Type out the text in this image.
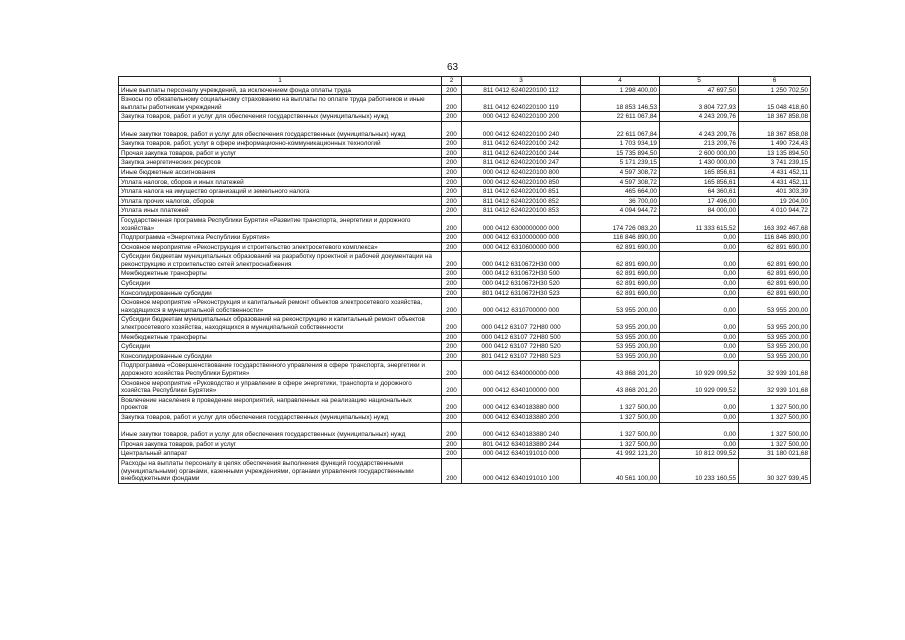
63
1	2	3	4	5	6
Иные выплаты персоналу учреждений, за исключением фонда оплаты труда	200	811 0412 6240220100 112	1 298 400,00	47 697,50	1 250 702,50
Взносы по обязательному социальному страхованию на выплаты по оплате труда работников и иные выплаты работникам учреждений	200	811 0412 6240220100 119	18 853 146,53	3 804 727,93	15 048 418,60
Закупка товаров, работ и услуг для обеспечения государственных (муниципальных) нужд	200	000 0412 6240220100 200	22 611 067,84	4 243 209,76	18 367 858,08
Иные закупки товаров, работ и услуг для обеспечения государственных (муниципальных) нужд	200	000 0412 6240220100 240	22 611 067,84	4 243 209,76	18 367 858,08
Закупка товаров, работ, услуг в сфере информационно-коммуникационных технологий	200	811 0412 6240220100 242	1 703 934,19	213 209,76	1 490 724,43
Прочая закупка товаров, работ и услуг	200	811 0412 6240220100 244	15 735 894,50	2 600 000,00	13 135 894,50
Закупка энергетических ресурсов	200	811 0412 6240220100 247	5 171 239,15	1 430 000,00	3 741 239,15
Иные бюджетные ассигнования	200	000 0412 6240220100 800	4 597 308,72	165 856,61	4 431 452,11
Уплата налогов, сборов и иных платежей	200	000 0412 6240220100 850	4 597 308,72	165 856,61	4 431 452,11
Уплата налога на имущество организаций и земельного налога	200	811 0412 6240220100 851	465 664,00	64 360,61	401 303,39
Уплата прочих налогов, сборов	200	811 0412 6240220100 852	36 700,00	17 496,00	19 204,00
Уплата иных платежей	200	811 0412 6240220100 853	4 094 944,72	84 000,00	4 010 944,72
Государственная программа Республики Бурятия «Развитие транспорта, энергетики и дорожного хозяйства»	200	000 0412 6300000000 000	174 726 083,20	11 333 615,52	163 392 467,68
Подпрограмма «Энергетика Республики Бурятия»	200	000 0412 6310000000 000	116 846 890,00	0,00	116 846 890,00
Основное мероприятие «Реконструкция и строительство электросетевого комплекса»	200	000 0412 6310600000 000	62 891 690,00	0,00	62 891 690,00
Субсидии бюджетам муниципальных образований на разработку проектной и рабочей документации на реконструкцию и строительство сетей электроснабжения	200	000 0412 6310672H30 000	62 891 690,00	0,00	62 891 690,00
Межбюджетные трансферты	200	000 0412 6310672H30 500	62 891 690,00	0,00	62 891 690,00
Субсидии	200	000 0412 6310672H30 520	62 891 690,00	0,00	62 891 690,00
Консолидированные субсидии	200	801 0412 6310672H30 523	62 891 690,00	0,00	62 891 690,00
Основное мероприятие «Реконструкция и капитальный ремонт объектов электросетевого хозяйства, находящихся в муниципальной собственности»	200	000 0412 6310700000 000	53 955 200,00	0,00	53 955 200,00
Субсидии бюджетам муниципальных образований на реконструкцию и капитальный ремонт объектов электросетевого хозяйства, находящихся в муниципальной собственности	200	000 0412 63107 72H80 000	53 955 200,00	0,00	53 955 200,00
Межбюджетные трансферты	200	000 0412 63107 72H80 500	53 955 200,00	0,00	53 955 200,00
Субсидии	200	000 0412 63107 72H80 520	53 955 200,00	0,00	53 955 200,00
Консолидированные субсидии	200	801 0412 63107 72H80 523	53 955 200,00	0,00	53 955 200,00
Подпрограмма «Совершенствование государственного управления в сфере транспорта, энергетики и дорожного хозяйства Республики Бурятия»	200	000 0412 6340000000 000	43 868 201,20	10 929 099,52	32 939 101,68
Основное мероприятие «Руководство и управление в сфере энергетики, транспорта и дорожного хозяйства Республики Бурятия»	200	000 0412 6340100000 000	43 868 201,20	10 929 099,52	32 939 101,68
Вовлечение населения в проведение мероприятий, направленных на реализацию национальных проектов	200	000 0412 6340183880 000	1 327 500,00	0,00	1 327 500,00
Закупка товаров, работ и услуг для обеспечения государственных (муниципальных) нужд	200	000 0412 6340183880 200	1 327 500,00	0,00	1 327 500,00
Иные закупки товаров, работ и услуг для обеспечения государственных (муниципальных) нужд	200	000 0412 6340183880 240	1 327 500,00	0,00	1 327 500,00
Прочая закупка товаров, работ и услуг	200	801 0412 6340183880 244	1 327 500,00	0,00	1 327 500,00
Центральный аппарат	200	000 0412 6340191010 000	41 992 121,20	10 812 099,52	31 180 021,68
Расходы на выплаты персоналу в целях обеспечения выполнения функций государственными (муниципальными) органами, казенными учреждениями, органами управления государственными внебюджетными фондами	200	000 0412 6340191010 100	40 561 100,00	10 233 160,55	30 327 939,45
